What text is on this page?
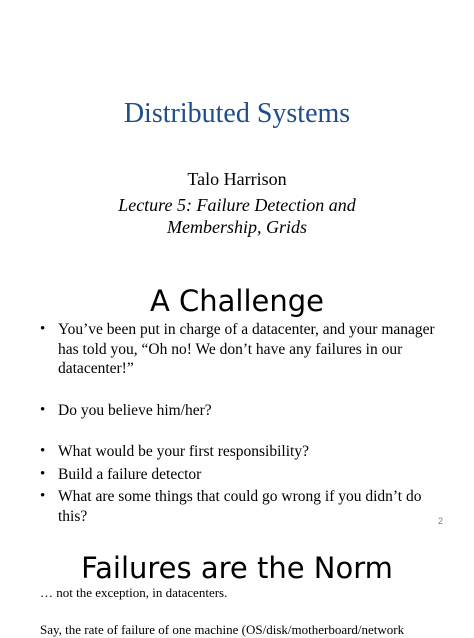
Distributed Systems
Talo Harrison
Lecture 5: Failure Detection and Membership, Grids
A Challenge
• You’ve been put in charge of a datacenter, and your manager has told you, “Oh no! We don’t have any failures in our datacenter!”
• Do you believe him/her?
• What would be your first responsibility?
• Build a failure detector
• What are some things that could go wrong if you didn’t do this?	2
Failures are the Norm
… not the exception, in datacenters.
Say, the rate of failure of one machine (OS/disk/motherboard/network
